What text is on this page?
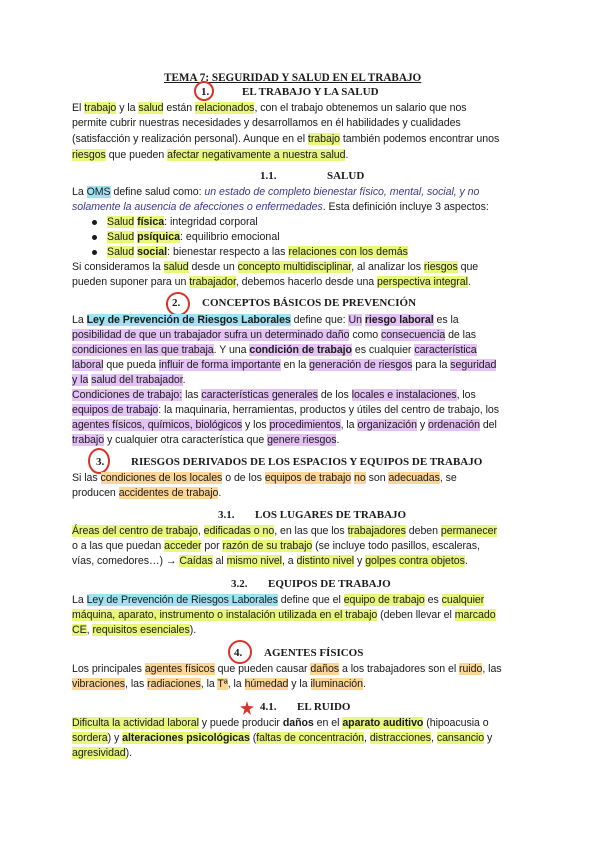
TEMA 7: SEGURIDAD Y SALUD EN EL TRABAJO
1.	EL TRABAJO Y LA SALUD
El trabajo y la salud están relacionados, con el trabajo obtenemos un salario que nos
permite cubrir nuestras necesidades y desarrollamos en él habilidades y cualidades
(satisfacción y realización personal). Aunque en el trabajo también podemos encontrar unos
riesgos que pueden afectar negativamente a nuestra salud.
1.1.	SALUD
La OMS define salud como: un estado de completo bienestar físico, mental, social, y no
solamente la ausencia de afecciones o enfermedades. Esta definición incluye 3 aspectos:
Salud física: integridad corporal
Salud psíquica: equilibrio emocional
Salud social: bienestar respecto a las relaciones con los demás
Si consideramos la salud desde un concepto multidisciplinar, al analizar los riesgos que
pueden suponer para un trabajador, debemos hacerlo desde una perspectiva integral.
2. CONCEPTOS BÁSICOS DE PREVENCIÓN
La Ley de Prevención de Riesgos Laborales define que: Un riesgo laboral es la
posibilidad de que un trabajador sufra un determinado daño como consecuencia de las
condiciones en las que trabaja. Y una condición de trabajo es cualquier característica
laboral que pueda influir de forma importante en la generación de riesgos para la seguridad
y la salud del trabajador.
Condiciones de trabajo: las características generales de los locales e instalaciones, los
equipos de trabajo: la maquinaria, herramientas, productos y útiles del centro de trabajo, los
agentes físicos, químicos, biológicos y los procedimientos, la organización y ordenación del
trabajo y cualquier otra característica que genere riesgos.
3. RIESGOS DERIVADOS DE LOS ESPACIOS Y EQUIPOS DE TRABAJO
Si las condiciones de los locales o de los equipos de trabajo no son adecuadas, se
producen accidentes de trabajo.
3.1. LOS LUGARES DE TRABAJO
Áreas del centro de trabajo, edificadas o no, en las que los trabajadores deben permanecer
o a las que puedan acceder por razón de su trabajo (se incluye todo pasillos, escaleras,
vías, comedores…) → Caídas al mismo nivel, a distinto nivel y golpes contra objetos.
3.2. EQUIPOS DE TRABAJO
La Ley de Prevención de Riesgos Laborales define que el equipo de trabajo es cualquier
máquina, aparato, instrumento o instalación utilizada en el trabajo (deben llevar el marcado
CE, requisitos esenciales).
4. AGENTES FÍSICOS
Los principales agentes físicos que pueden causar daños a los trabajadores son el ruido, las
vibraciones, las radiaciones, la Tª, la húmedad y la iluminación.
4.1. EL RUIDO
Dificulta la actividad laboral y puede producir daños en el aparato auditivo (hipoacusia o
sordera) y alteraciones psicológicas (faltas de concentración, distracciones, cansancio y
agresividad).
